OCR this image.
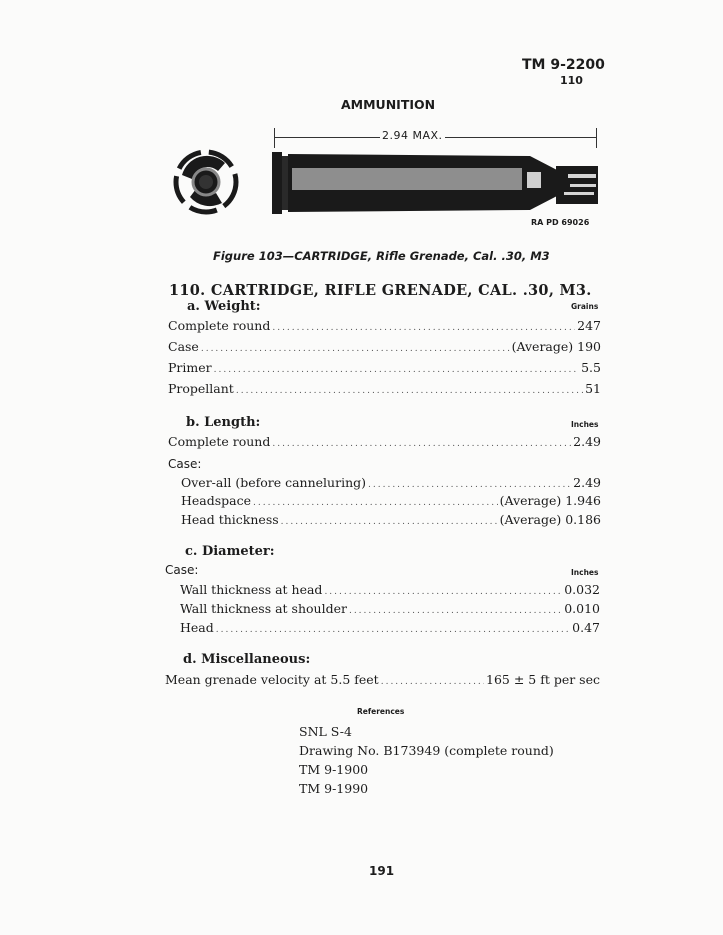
TM 9-2200
110
AMMUNITION
2.94 MAX.
RA PD 69026
Figure 103—CARTRIDGE, Rifle Grenade, Cal. .30, M3
110. CARTRIDGE, RIFLE GRENADE, CAL. .30, M3.
a. Weight:	Grains
Complete round .....	247
Case .....	(Average) 190
Primer .....	5.5
Propellant .....	51
b. Length:	Inches
Complete round .....	2.49
Case:
Over-all (before canneluring) .....	2.49
Headspace .....	(Average) 1.946
Head thickness .....	(Average) 0.186
c. Diameter:
Case:	Inches
Wall thickness at head .....	0.032
Wall thickness at shoulder .....	0.010
Head .....	0.47
d. Miscellaneous:
Mean grenade velocity at 5.5 feet .....	165 ± 5 ft per sec
References
SNL S-4
Drawing No. B173949 (complete round)
TM 9-1900
TM 9-1990
191
